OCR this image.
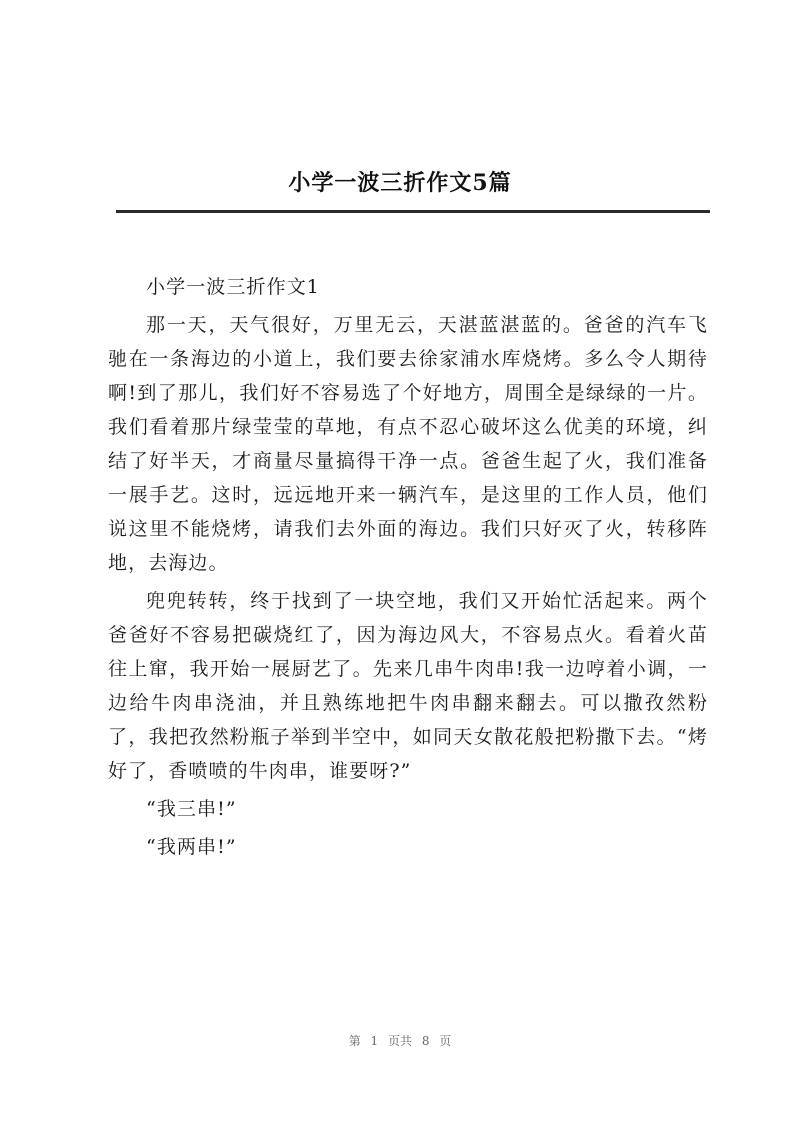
小学一波三折作文5篇

小学一波三折作文1

那一天，天气很好，万里无云，天湛蓝湛蓝的。爸爸的汽车飞驰在一条海边的小道上，我们要去徐家浦水库烧烤。多么令人期待啊!到了那儿，我们好不容易选了个好地方，周围全是绿绿的一片。我们看着那片绿莹莹的草地，有点不忍心破坏这么优美的环境，纠结了好半天，才商量尽量搞得干净一点。爸爸生起了火，我们准备一展手艺。这时，远远地开来一辆汽车，是这里的工作人员，他们说这里不能烧烤，请我们去外面的海边。我们只好灭了火，转移阵地，去海边。

兜兜转转，终于找到了一块空地，我们又开始忙活起来。两个爸爸好不容易把碳烧红了，因为海边风大，不容易点火。看着火苗往上窜，我开始一展厨艺了。先来几串牛肉串!我一边哼着小调，一边给牛肉串浇油，并且熟练地把牛肉串翻来翻去。可以撒孜然粉了，我把孜然粉瓶子举到半空中，如同天女散花般把粉撒下去。“烤好了，香喷喷的牛肉串，谁要呀?”

“我三串!”

“我两串!”

第 1 页共 8 页
